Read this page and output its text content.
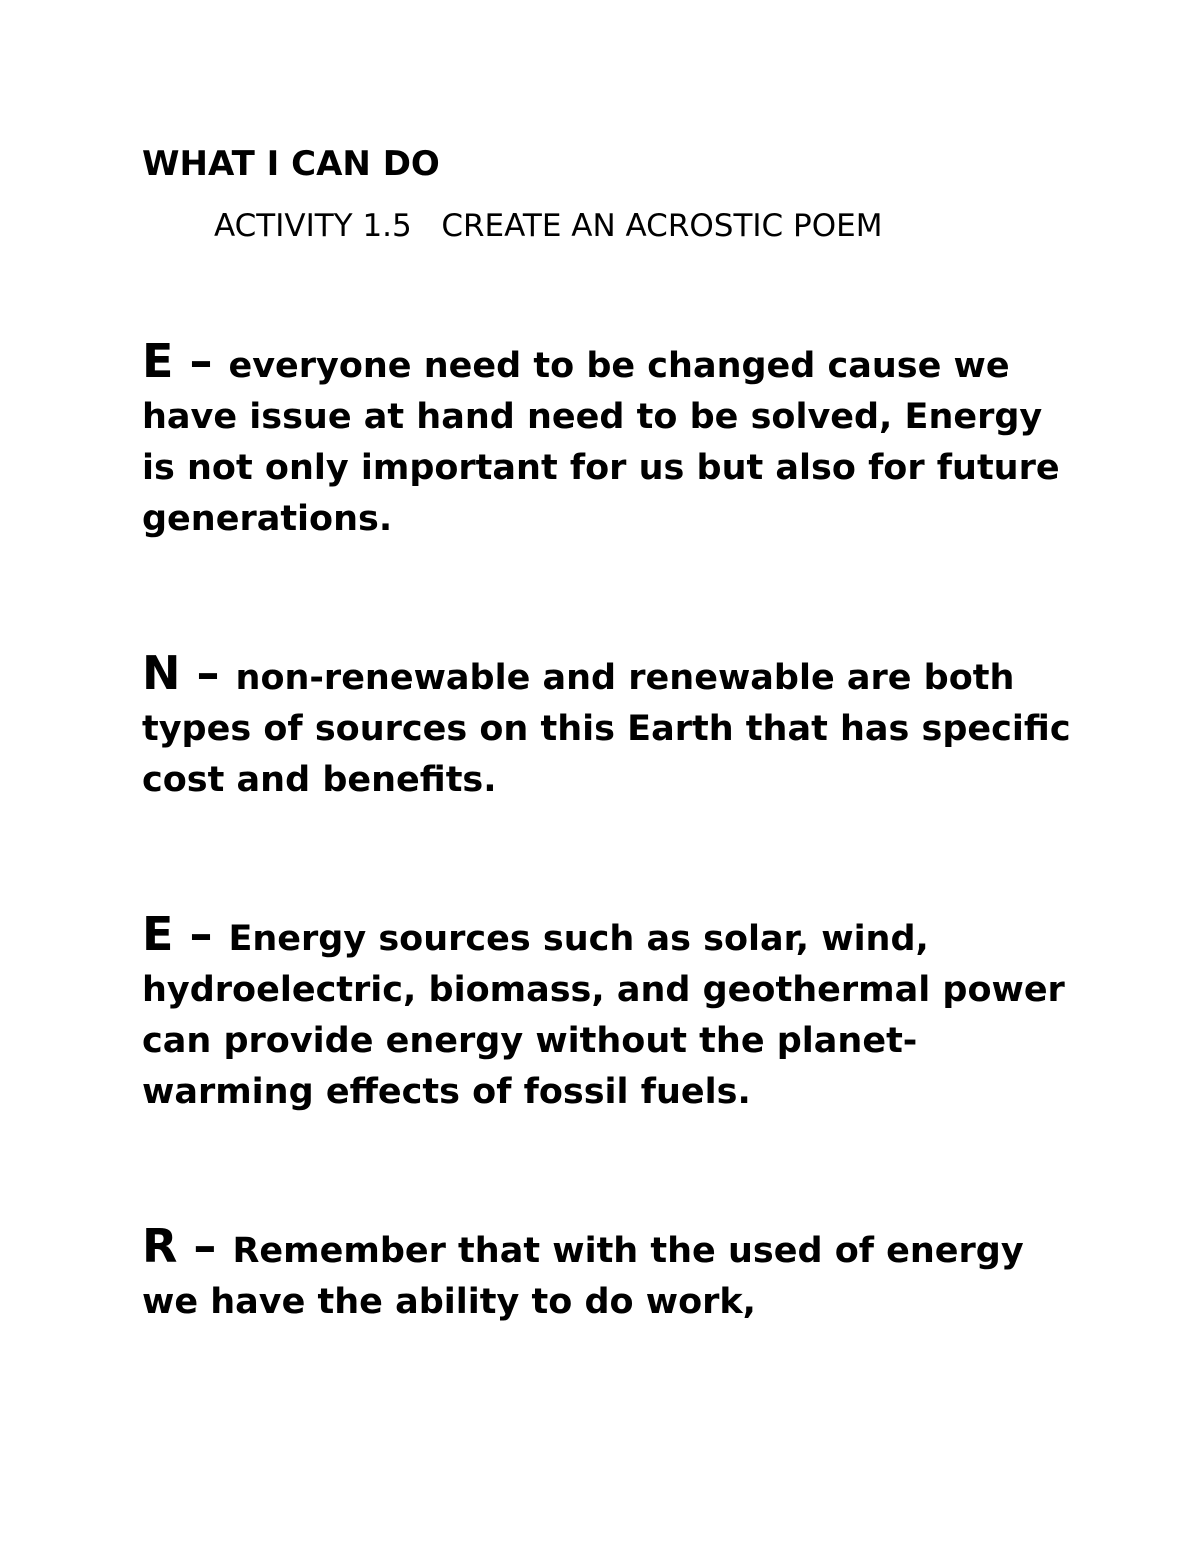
WHAT I CAN DO

ACTIVITY 1.5   CREATE AN ACROSTIC POEM

E – everyone need to be changed cause we have issue at hand need to be solved, Energy is not only important for us but also for future generations.

N – non-renewable and renewable are both types of sources on this Earth that has specific cost and benefits.

E – Energy sources such as solar, wind, hydroelectric, biomass, and geothermal power can provide energy without the planet-warming effects of fossil fuels.

R – Remember that with the used of energy we have the ability to do work,
